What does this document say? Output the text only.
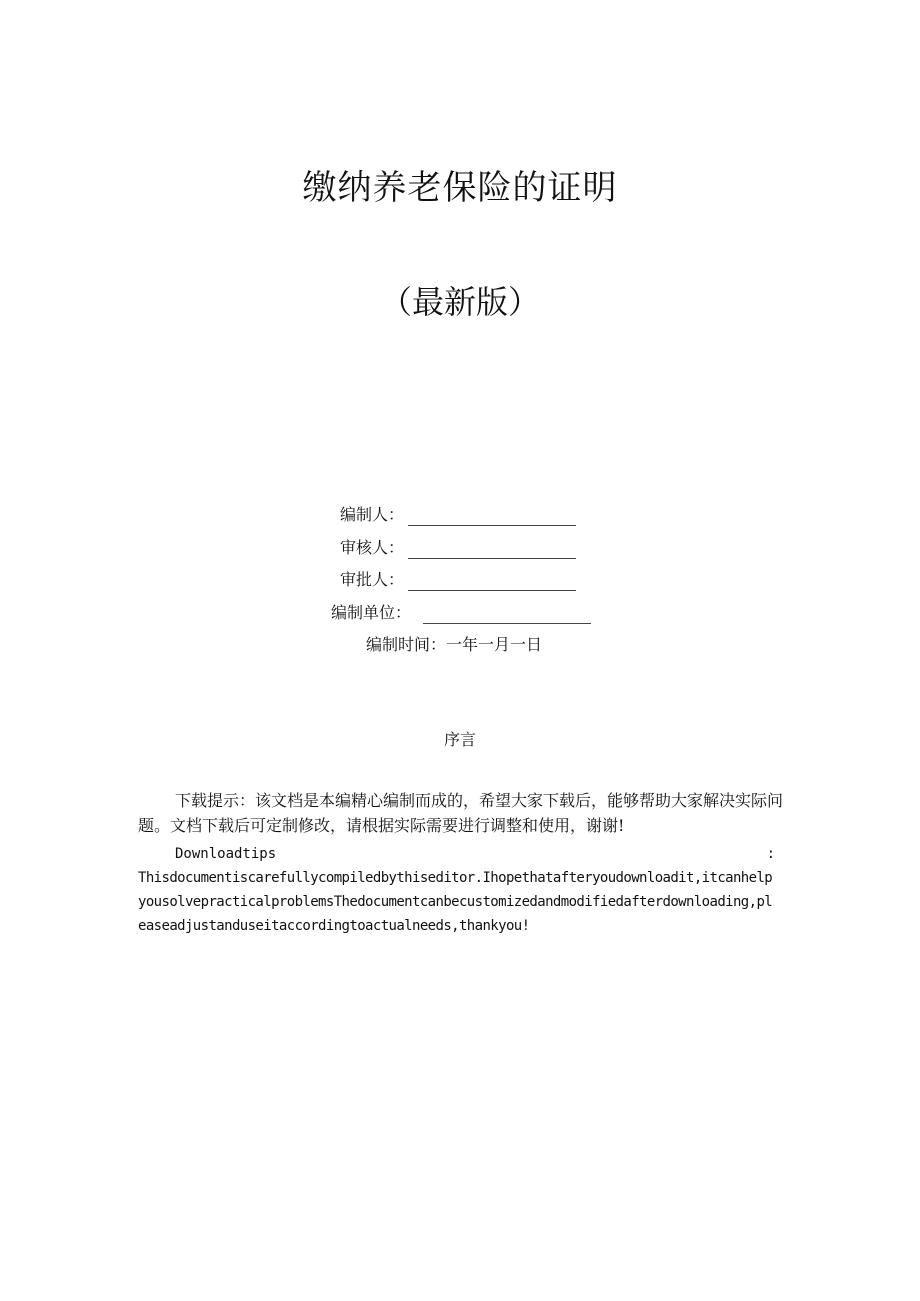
缴纳养老保险的证明
（最新版）
编制人：
审核人：
审批人：
编制单位：
编制时间：一年一月一日
序言
下载提示：该文档是本编精心编制而成的，希望大家下载后，能够帮助大家解决实际问题。文档下载后可定制修改，请根据实际需要进行调整和使用，谢谢!
Downloadtips	:
Thisdocumentiscarefullycompiledbythiseditor.Ihopethatafteryoudownloadit,itcanhelpyousolvepracticalproblemsThedocumentcanbecustomizedandmodifiedafterdownloading,pleaseadjustanduseitaccordingtoactualneeds,thankyou!
